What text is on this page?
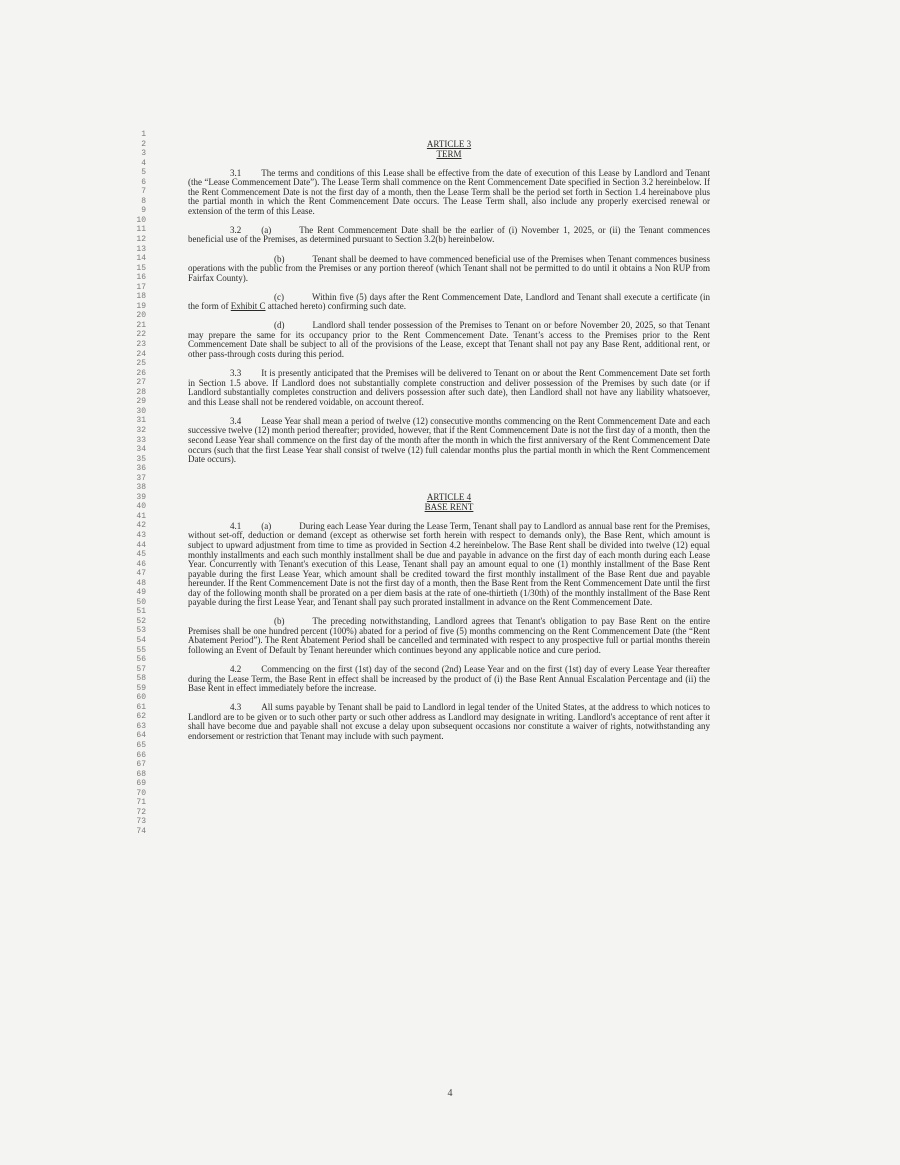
1
2
3
4
5
6
7
8
9
10
11
12
13
14
15
16
17
18
19
20
21
22
23
24
25
26
27
28
29
30
31
32
33
34
35
36
37
38
39
40
41
42
43
44
45
46
47
48
49
50
51
52
53
54
55
56
57
58
59
60
61
62
63
64
65
66
67
68
69
70
71
72
73
74

ARTICLE 3

TERM

3.1 The terms and conditions of this Lease shall be effective from the date of execution of this Lease by Landlord and Tenant (the “Lease Commencement Date”). The Lease Term shall commence on the Rent Commencement Date specified in Section 3.2 hereinbelow. If the Rent Commencement Date is not the first day of a month, then the Lease Term shall be the period set forth in Section 1.4 hereinabove plus the partial month in which the Rent Commencement Date occurs. The Lease Term shall, also include any properly exercised renewal or extension of the term of this Lease.

3.2 (a)	The Rent Commencement Date shall be the earlier of (i) November 1, 2025, or (ii) the Tenant commences beneficial use of the Premises, as determined pursuant to Section 3.2(b) hereinbelow.

(b)	Tenant shall be deemed to have commenced beneficial use of the Premises when Tenant commences business operations with the public from the Premises or any portion thereof (which Tenant shall not be permitted to do until it obtains a Non RUP from Fairfax County).

(c)	Within five (5) days after the Rent Commencement Date, Landlord and Tenant shall execute a certificate (in the form of Exhibit C attached hereto) confirming such date.

(d)	Landlord shall tender possession of the Premises to Tenant on or before November 20, 2025, so that Tenant may prepare the same for its occupancy prior to the Rent Commencement Date. Tenant’s access to the Premises prior to the Rent Commencement Date shall be subject to all of the provisions of the Lease, except that Tenant shall not pay any Base Rent, additional rent, or other pass-through costs during this period.

3.3 It is presently anticipated that the Premises will be delivered to Tenant on or about the Rent Commencement Date set forth in Section 1.5 above. If Landlord does not substantially complete construction and deliver possession of the Premises by such date (or if Landlord substantially completes construction and delivers possession after such date), then Landlord shall not have any liability whatsoever, and this Lease shall not be rendered voidable, on account thereof.

3.4 Lease Year shall mean a period of twelve (12) consecutive months commencing on the Rent Commencement Date and each successive twelve (12) month period thereafter; provided, however, that if the Rent Commencement Date is not the first day of a month, then the second Lease Year shall commence on the first day of the month after the month in which the first anniversary of the Rent Commencement Date occurs (such that the first Lease Year shall consist of twelve (12) full calendar months plus the partial month in which the Rent Commencement Date occurs).

ARTICLE 4

BASE RENT

4.1 (a)	During each Lease Year during the Lease Term, Tenant shall pay to Landlord as annual base rent for the Premises, without set-off, deduction or demand (except as otherwise set forth herein with respect to demands only), the Base Rent, which amount is subject to upward adjustment from time to time as provided in Section 4.2 hereinbelow. The Base Rent shall be divided into twelve (12) equal monthly installments and each such monthly installment shall be due and payable in advance on the first day of each month during each Lease Year. Concurrently with Tenant's execution of this Lease, Tenant shall pay an amount equal to one (1) monthly installment of the Base Rent payable during the first Lease Year, which amount shall be credited toward the first monthly installment of the Base Rent due and payable hereunder. If the Rent Commencement Date is not the first day of a month, then the Base Rent from the Rent Commencement Date until the first day of the following month shall be prorated on a per diem basis at the rate of one-thirtieth (1/30th) of the monthly installment of the Base Rent payable during the first Lease Year, and Tenant shall pay such prorated installment in advance on the Rent Commencement Date.

(b)	The preceding notwithstanding, Landlord agrees that Tenant's obligation to pay Base Rent on the entire Premises shall be one hundred percent (100%) abated for a period of five (5) months commencing on the Rent Commencement Date (the “Rent Abatement Period”). The Rent Abatement Period shall be cancelled and terminated with respect to any prospective full or partial months therein following an Event of Default by Tenant hereunder which continues beyond any applicable notice and cure period.

4.2 Commencing on the first (1st) day of the second (2nd) Lease Year and on the first (1st) day of every Lease Year thereafter during the Lease Term, the Base Rent in effect shall be increased by the product of (i) the Base Rent Annual Escalation Percentage and (ii) the Base Rent in effect immediately before the increase.

4.3 All sums payable by Tenant shall be paid to Landlord in legal tender of the United States, at the address to which notices to Landlord are to be given or to such other party or such other address as Landlord may designate in writing. Landlord's acceptance of rent after it shall have become due and payable shall not excuse a delay upon subsequent occasions nor constitute a waiver of rights, notwithstanding any endorsement or restriction that Tenant may include with such payment.

4
